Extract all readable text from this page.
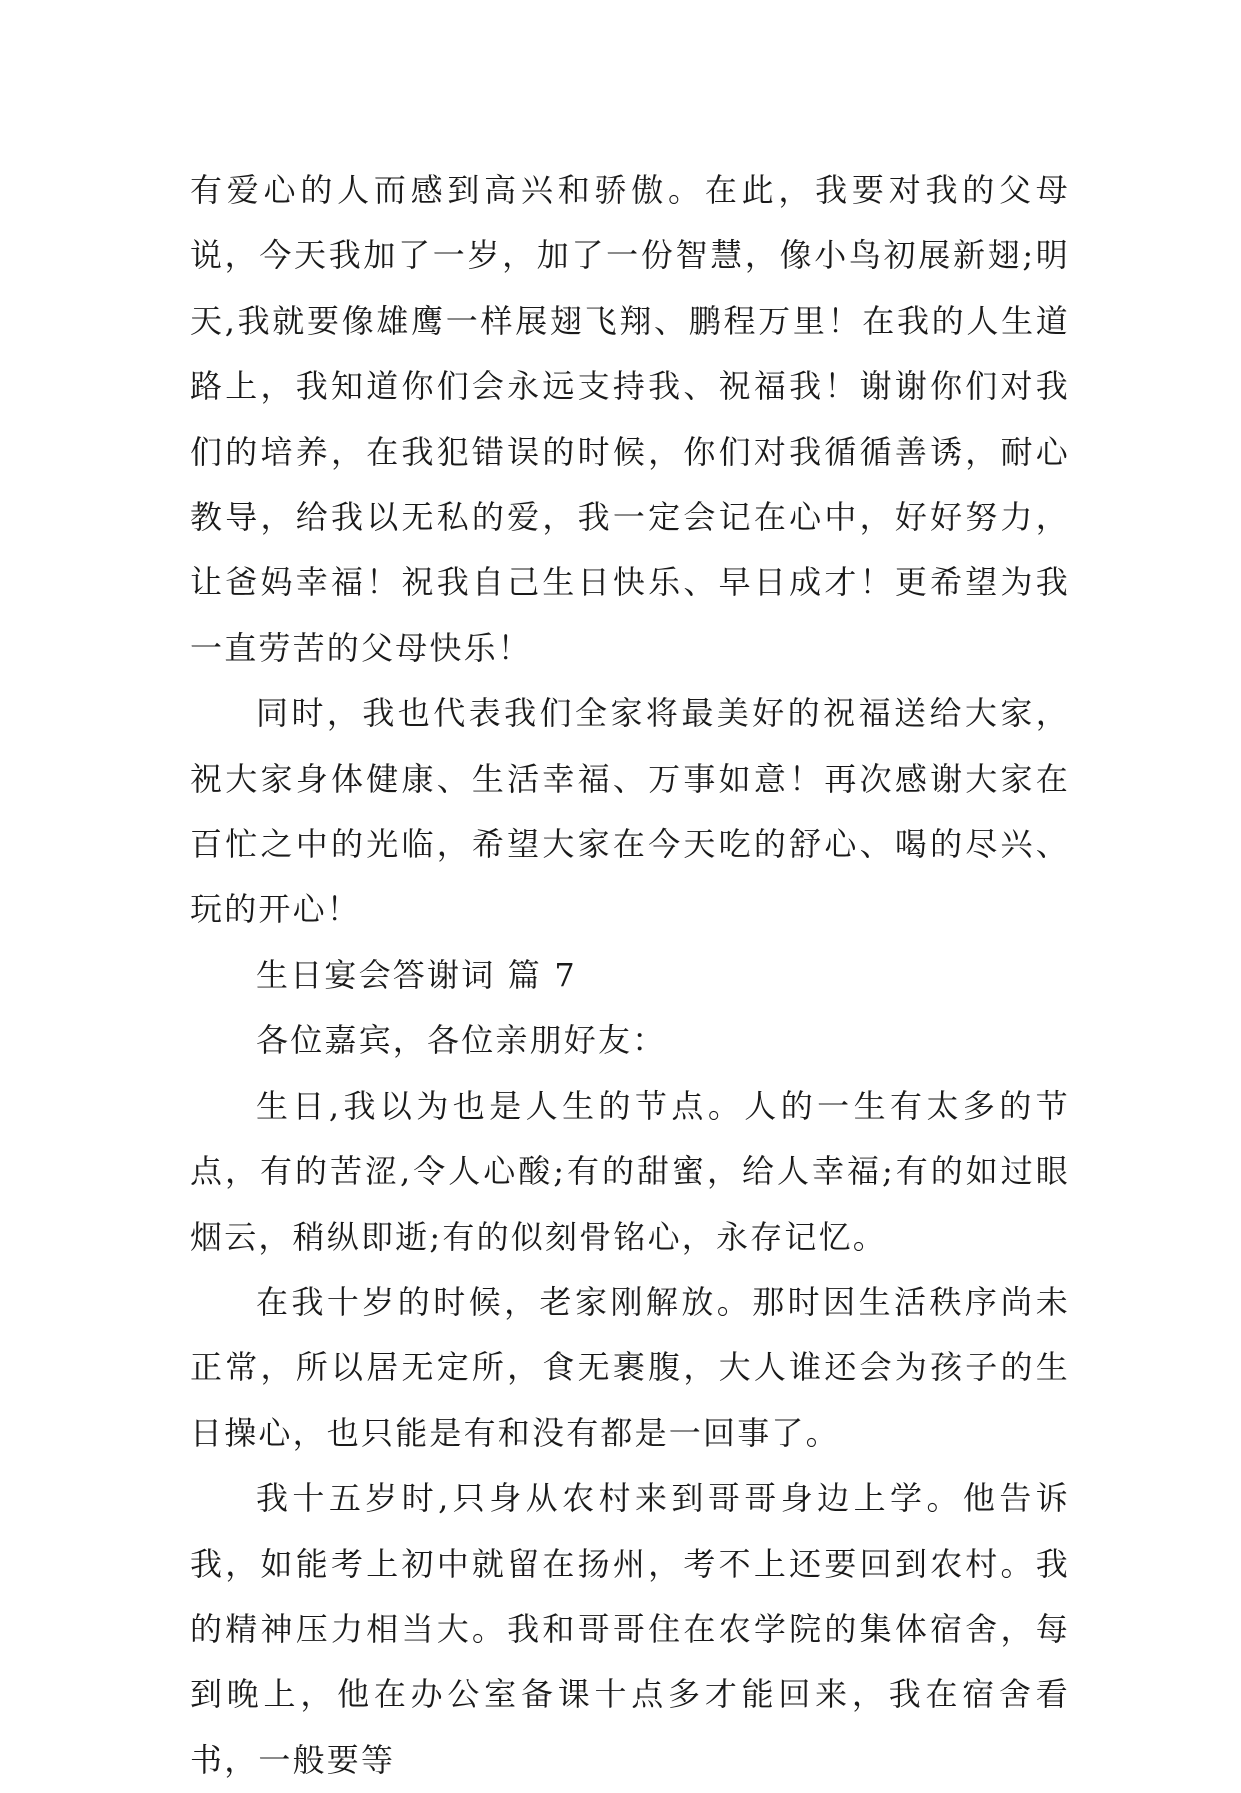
有爱心的人而感到高兴和骄傲。在此，我要对我的父母说，今天我加了一岁，加了一份智慧，像小鸟初展新翅;明天,我就要像雄鹰一样展翅飞翔、鹏程万里！在我的人生道路上，我知道你们会永远支持我、祝福我！谢谢你们对我们的培养，在我犯错误的时候，你们对我循循善诱，耐心教导，给我以无私的爱，我一定会记在心中，好好努力，让爸妈幸福！祝我自己生日快乐、早日成才！更希望为我一直劳苦的父母快乐！

同时，我也代表我们全家将最美好的祝福送给大家，祝大家身体健康、生活幸福、万事如意！再次感谢大家在百忙之中的光临，希望大家在今天吃的舒心、喝的尽兴、玩的开心！

生日宴会答谢词 篇 7

各位嘉宾，各位亲朋好友：

生日,我以为也是人生的节点。人的一生有太多的节点，有的苦涩,令人心酸;有的甜蜜，给人幸福;有的如过眼烟云，稍纵即逝;有的似刻骨铭心，永存记忆。

在我十岁的时候，老家刚解放。那时因生活秩序尚未正常，所以居无定所，食无裹腹，大人谁还会为孩子的生日操心，也只能是有和没有都是一回事了。

我十五岁时,只身从农村来到哥哥身边上学。他告诉我，如能考上初中就留在扬州，考不上还要回到农村。我的精神压力相当大。我和哥哥住在农学院的集体宿舍，每到晚上，他在办公室备课十点多才能回来，我在宿舍看书，一般要等
